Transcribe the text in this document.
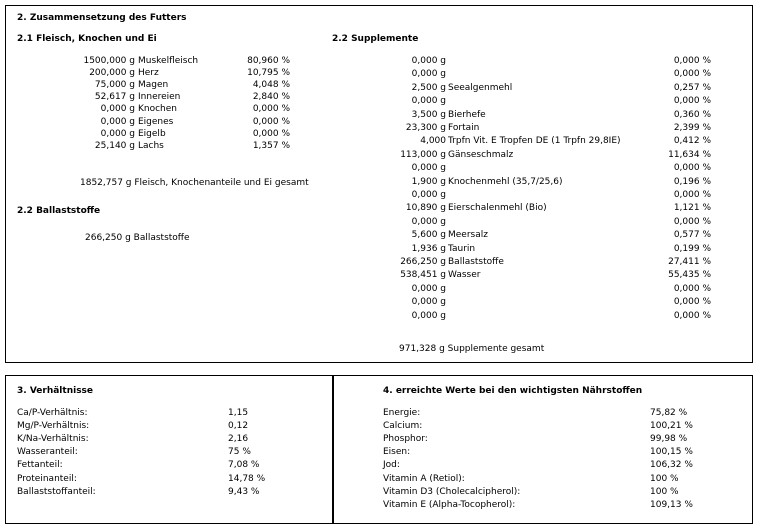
2. Zusammensetzung des Futters
2.1 Fleisch, Knochen und Ei	2.2 Supplemente
1500,000 g Muskelfleisch	80,960 %
200,000 g Herz	10,795 %
75,000 g Magen	4,048 %
52,617 g Innereien	2,840 %
0,000 g Knochen	0,000 %
0,000 g Eigenes	0,000 %
0,000 g Eigelb	0,000 %
25,140 g Lachs	1,357 %
1852,757 g Fleisch, Knochenanteile und Ei gesamt
2.2 Ballaststoffe
266,250 g Ballaststoffe
0,000 g	0,000 %
0,000 g	0,000 %
2,500 g Seealgenmehl	0,257 %
0,000 g	0,000 %
3,500 g Bierhefe	0,360 %
23,300 g Fortain	2,399 %
4,000 Trpfn Vit. E Tropfen DE (1 Trpfn 29,8IE)	0,412 %
113,000 g Gänseschmalz	11,634 %
0,000 g	0,000 %
1,900 g Knochenmehl (35,7/25,6)	0,196 %
0,000 g	0,000 %
10,890 g Eierschalenmehl (Bio)	1,121 %
0,000 g	0,000 %
5,600 g Meersalz	0,577 %
1,936 g Taurin	0,199 %
266,250 g Ballaststoffe	27,411 %
538,451 g Wasser	55,435 %
0,000 g	0,000 %
0,000 g	0,000 %
0,000 g	0,000 %
971,328 g Supplemente gesamt
3. Verhältnisse
Ca/P-Verhältnis:	1,15
Mg/P-Verhältnis:	0,12
K/Na-Verhältnis:	2,16
Wasseranteil:	75 %
Fettanteil:	7,08 %
Proteinanteil:	14,78 %
Ballaststoffanteil:	9,43 %
4. erreichte Werte bei den wichtigsten Nährstoffen
Energie:	75,82 %
Calcium:	100,21 %
Phosphor:	99,98 %
Eisen:	100,15 %
Jod:	106,32 %
Vitamin A (Retiol):	100 %
Vitamin D3 (Cholecalcipherol):	100 %
Vitamin E (Alpha-Tocopherol):	109,13 %
